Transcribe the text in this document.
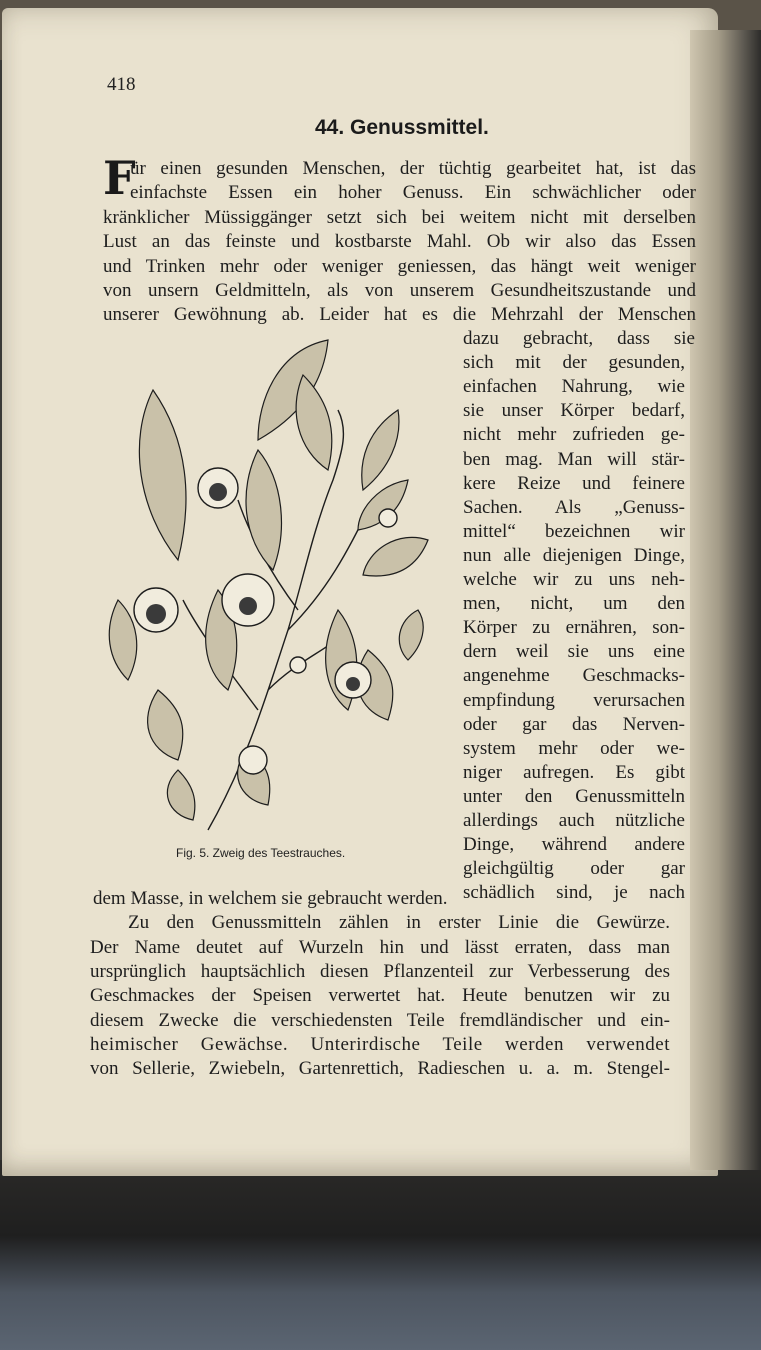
418
44. Genussmittel.
F
ür einen gesunden Menschen, der tüchtig gearbeitet hat, ist das
einfachste Essen ein hoher Genuss. Ein schwächlicher oder
kränklicher Müssiggänger setzt sich bei weitem nicht mit derselben
Lust an das feinste und kostbarste Mahl. Ob wir also das Essen
und Trinken mehr oder weniger geniessen, das hängt weit weniger
von unsern Geldmitteln, als von unserem Gesundheitszustande und
unserer Gewöhnung ab. Leider hat es die Mehrzahl der Menschen
dazu gebracht, dass sie
sich mit der gesunden,
einfachen Nahrung, wie
sie unser Körper bedarf,
nicht mehr zufrieden ge-
ben mag. Man will stär-
kere Reize und feinere
Sachen. Als „Genuss-
mittel“ bezeichnen wir
nun alle diejenigen Dinge,
welche wir zu uns neh-
men, nicht, um den
Körper zu ernähren, son-
dern weil sie uns eine
angenehme Geschmacks-
empfindung verursachen
oder gar das Nerven-
system mehr oder we-
niger aufregen. Es gibt
unter den Genussmitteln
allerdings auch nützliche
Dinge, während andere
gleichgültig oder gar
schädlich sind, je nach
Fig. 5. Zweig des Teestrauches.
dem Masse, in welchem sie gebraucht werden.
Zu den Genussmitteln zählen in erster Linie die Gewürze.
Der Name deutet auf Wurzeln hin und lässt erraten, dass man
ursprünglich hauptsächlich diesen Pflanzenteil zur Verbesserung des
Geschmackes der Speisen verwertet hat. Heute benutzen wir zu
diesem Zwecke die verschiedensten Teile fremdländischer und ein-
heimischer Gewächse. Unterirdische Teile werden verwendet
von Sellerie, Zwiebeln, Gartenrettich, Radieschen u. a. m. Stengel-
